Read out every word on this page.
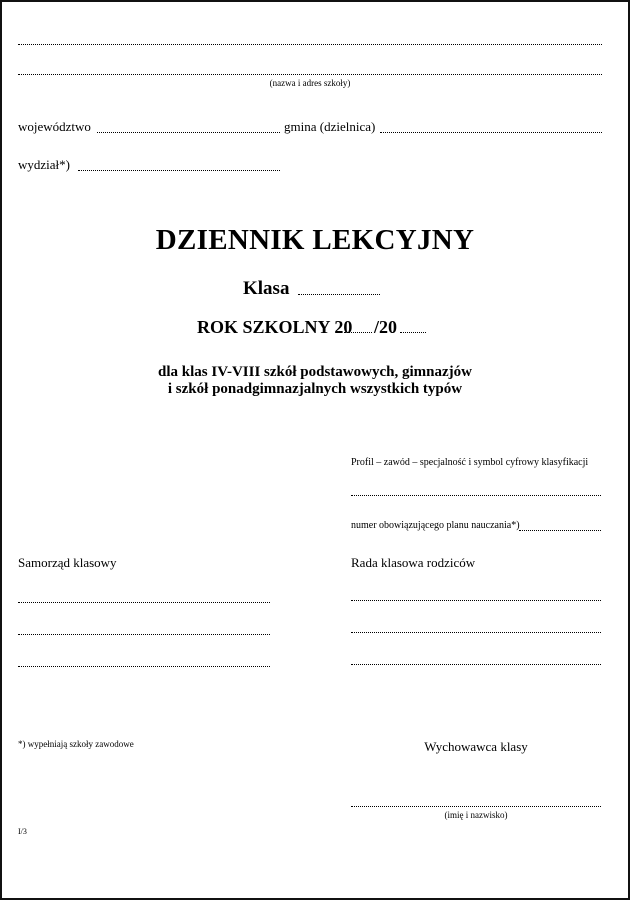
(nazwa i adres szkoły)
województwo	gmina (dzielnica)
wydział*)
DZIENNIK LEKCYJNY
Klasa
ROK SZKOLNY 20 /20
dla klas IV-VIII szkół podstawowych, gimnazjów
i szkół ponadgimnazjalnych wszystkich typów
Profil – zawód – specjalność i symbol cyfrowy klasyfikacji
numer obowiązującego planu nauczania*)
Samorząd klasowy	Rada klasowa rodziców
*) wypełniają szkoły zawodowe	Wychowawca klasy
(imię i nazwisko)
I/3
